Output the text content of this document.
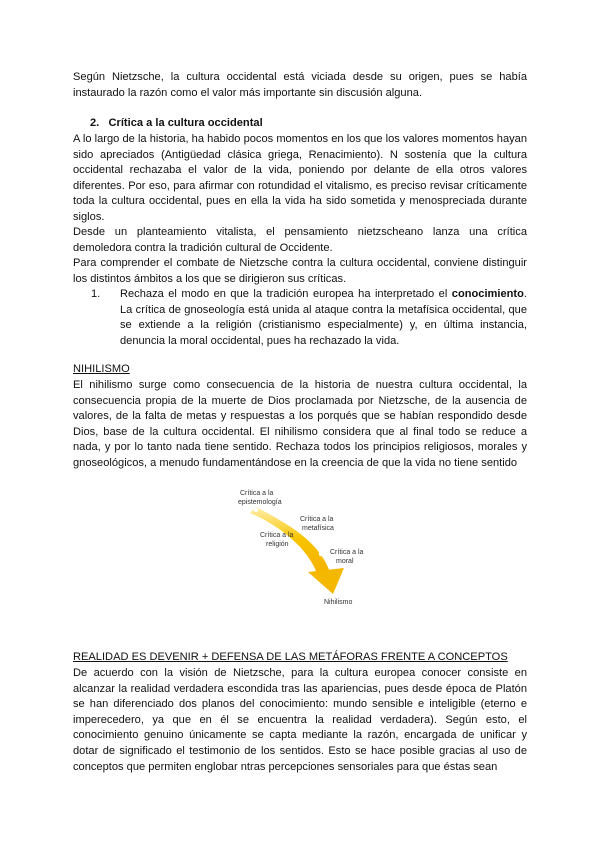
Según Nietzsche, la cultura occidental está viciada desde su origen, pues se había instaurado la razón como el valor más importante sin discusión alguna.

2. Crítica a la cultura occidental

A lo largo de la historia, ha habido pocos momentos en los que los valores momentos hayan sido apreciados (Antigüedad clásica griega, Renacimiento). N sostenía que la cultura occidental rechazaba el valor de la vida, poniendo por delante de ella otros valores diferentes. Por eso, para afirmar con rotundidad el vitalismo, es preciso revisar críticamente toda la cultura occidental, pues en ella la vida ha sido sometida y menospreciada durante siglos.

Desde un planteamiento vitalista, el pensamiento nietzscheano lanza una crítica demoledora contra la tradición cultural de Occidente.

Para comprender el combate de Nietzsche contra la cultura occidental, conviene distinguir los distintos ámbitos a los que se dirigieron sus críticas.

1. Rechaza el modo en que la tradición europea ha interpretado el conocimiento. La crítica de gnoseología está unida al ataque contra la metafísica occidental, que se extiende a la religión (cristianismo especialmente) y, en última instancia, denuncia la moral occidental, pues ha rechazado la vida.

NIHILISMO

El nihilismo surge como consecuencia de la historia de nuestra cultura occidental, la consecuencia propia de la muerte de Dios proclamada por Nietzsche, de la ausencia de valores, de la falta de metas y respuestas a los porqués que se habían respondido desde Dios, base de la cultura occidental. El nihilismo considera que al final todo se reduce a nada, y por lo tanto nada tiene sentido. Rechaza todos los principios religiosos, morales y gnoseológicos, a menudo fundamentándose en la creencia de que la vida no tiene sentido

Crítica a la
epistemología
Crítica a la
metafísica
Crítica a la
religión
Crítica a la
moral
Nihilismo
REALIDAD ES DEVENIR + DEFENSA DE LAS METÁFORAS FRENTE A CONCEPTOS

De acuerdo con la visión de Nietzsche, para la cultura europea conocer consiste en alcanzar la realidad verdadera escondida tras las apariencias, pues desde época de Platón se han diferenciado dos planos del conocimiento: mundo sensible e inteligible (eterno e imperecedero, ya que en él se encuentra la realidad verdadera). Según esto, el conocimiento genuino únicamente se capta mediante la razón, encargada de unificar y dotar de significado el testimonio de los sentidos. Esto se hace posible gracias al uso de conceptos que permiten englobar ntras percepciones sensoriales para que éstas sean
